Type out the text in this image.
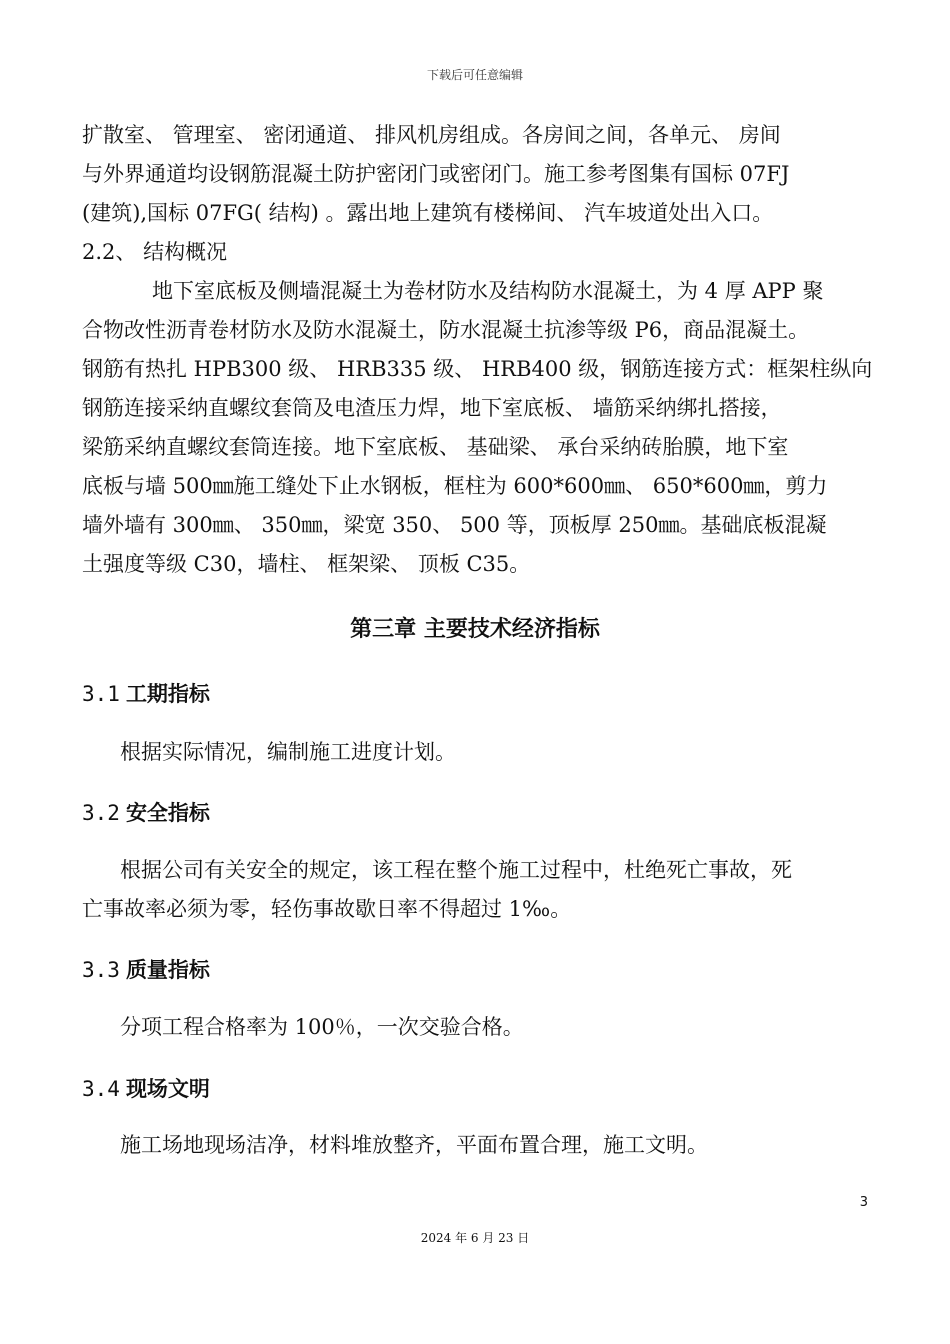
下载后可任意编辑
扩散室、 管理室、 密闭通道、 排风机房组成。各房间之间，各单元、 房间
与外界通道均设钢筋混凝土防护密闭门或密闭门。施工参考图集有国标 07FJ
(建筑),国标 07FG( 结构) 。露出地上建筑有楼梯间、 汽车坡道处出入口。
2.2、 结构概况
地下室底板及侧墙混凝土为卷材防水及结构防水混凝土，为 4 厚 APP 聚
合物改性沥青卷材防水及防水混凝土，防水混凝土抗渗等级 P6，商品混凝土。
钢筋有热扎 HPB300 级、 HRB335 级、 HRB400 级，钢筋连接方式：框架柱纵向
钢筋连接采纳直螺纹套筒及电渣压力焊，地下室底板、 墙筋采纳绑扎搭接，
梁筋采纳直螺纹套筒连接。地下室底板、 基础梁、 承台采纳砖胎膜，地下室
底板与墙 500㎜施工缝处下止水钢板，框柱为 600*600㎜、 650*600㎜，剪力
墙外墙有 300㎜、 350㎜，梁宽 350、 500 等，顶板厚 250㎜。基础底板混凝
土强度等级 C30，墙柱、 框架梁、 顶板 C35。
第三章 主要技术经济指标
3.1 工期指标

根据实际情况，编制施工进度计划。

3.2 安全指标
根据公司有关安全的规定，该工程在整个施工过程中，杜绝死亡事故，死
亡事故率必须为零，轻伤事故歇日率不得超过 1‰。
3.3 质量指标

分项工程合格率为 100％，一次交验合格。

3.4 现场文明

施工场地现场洁净，材料堆放整齐，平面布置合理，施工文明。

3
2024 年 6 月 23 日
